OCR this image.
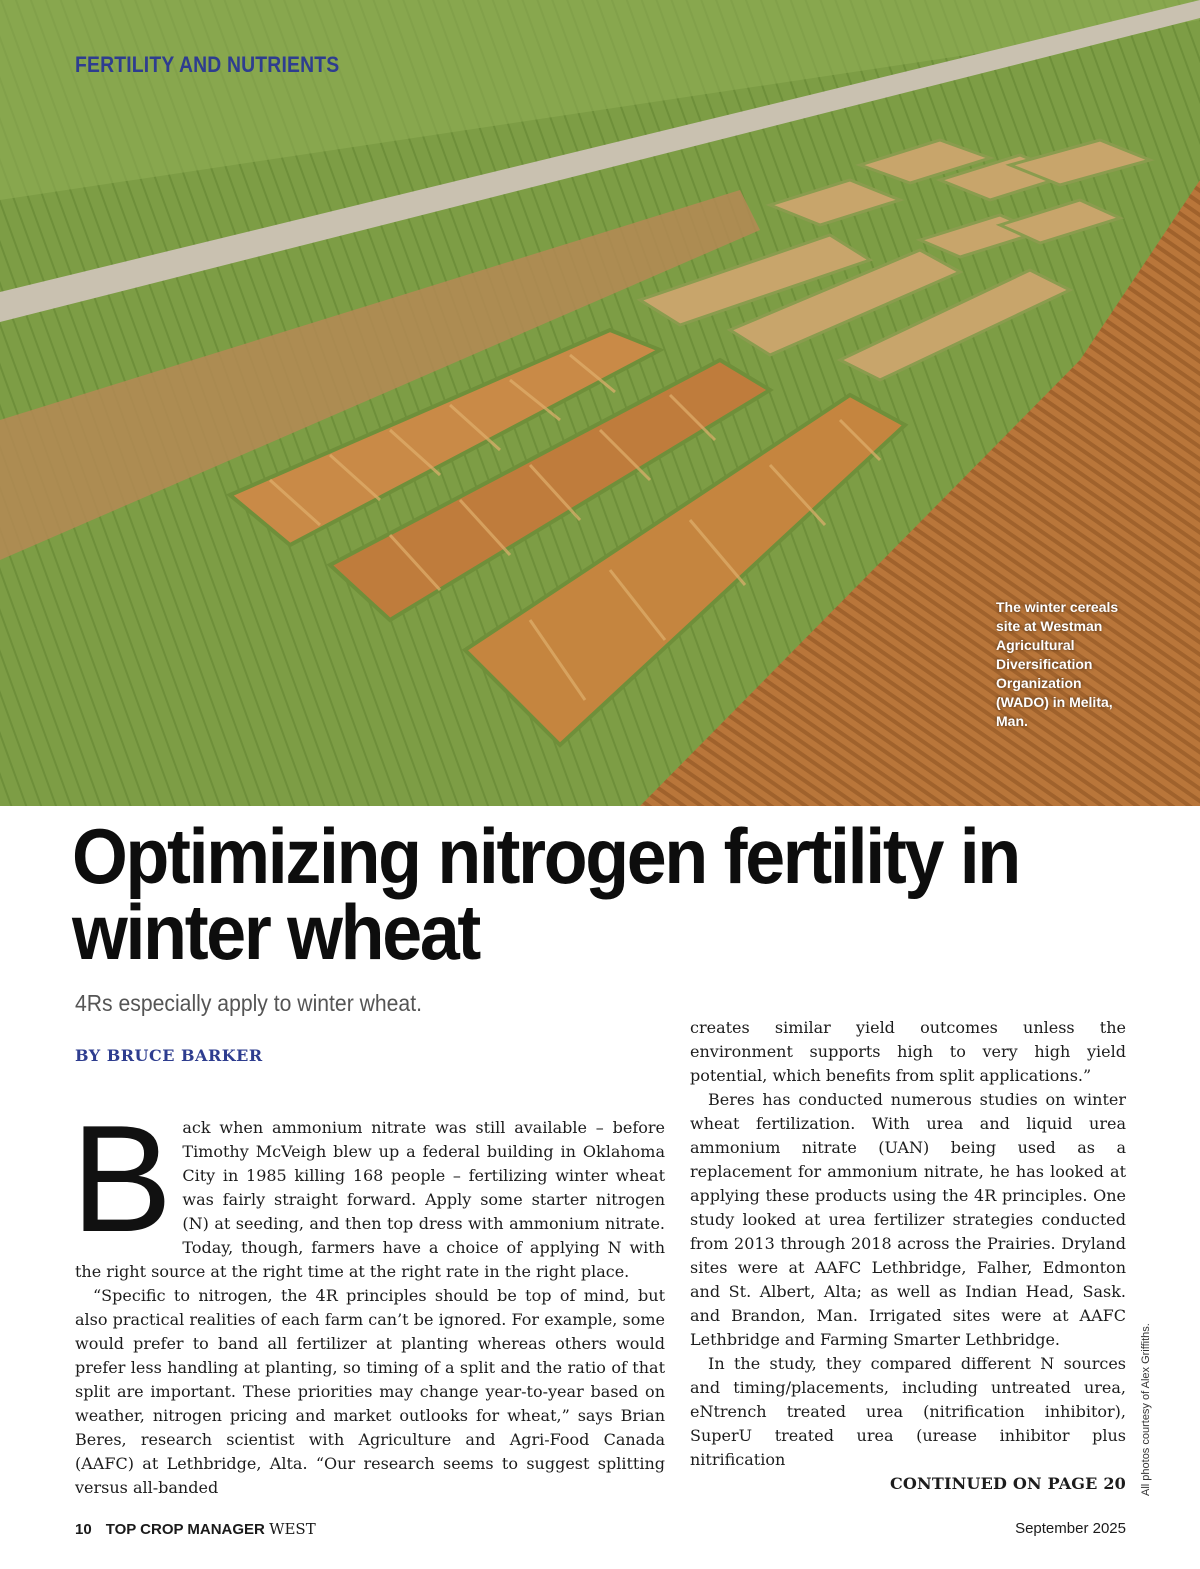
FERTILITY AND NUTRIENTS
The winter cereals site at Westman Agricultural Diversification Organization (WADO) in Melita, Man.
Optimizing nitrogen fertility in winter wheat
4Rs especially apply to winter wheat.
BY BRUCE BARKER

Back when ammonium nitrate was still available – before Timothy McVeigh blew up a federal building in Oklahoma City in 1985 killing 168 people – fertilizing winter wheat was fairly straight forward. Apply some starter nitrogen (N) at seeding, and then top dress with ammonium nitrate. Today, though, farmers have a choice of applying N with the right source at the right time at the right rate in the right place.

“Specific to nitrogen, the 4R principles should be top of mind, but also practical realities of each farm can’t be ignored. For example, some would prefer to band all fertilizer at planting whereas others would prefer less handling at planting, so timing of a split and the ratio of that split are important. These priorities may change year-to-year based on weather, nitrogen pricing and market outlooks for wheat,” says Brian Beres, research scientist with Agriculture and Agri-Food Canada (AAFC) at Lethbridge, Alta. “Our research seems to suggest splitting versus all-banded

creates similar yield outcomes unless the environment supports high to very high yield potential, which benefits from split applications.”

Beres has conducted numerous studies on winter wheat fertilization. With urea and liquid urea ammonium nitrate (UAN) being used as a replacement for ammonium nitrate, he has looked at applying these products using the 4R principles. One study looked at urea fertilizer strategies conducted from 2013 through 2018 across the Prairies. Dryland sites were at AAFC Lethbridge, Falher, Edmonton and St. Albert, Alta; as well as Indian Head, Sask. and Brandon, Man. Irrigated sites were at AAFC Lethbridge and Farming Smarter Lethbridge.

In the study, they compared different N sources and timing/placements, including untreated urea, eNtrench treated urea (nitrification inhibitor), SuperU treated urea (urease inhibitor plus nitrification

CONTINUED ON PAGE 20 All photos courtesy of Alex Griffiths.
10 TOP CROP MANAGER WEST	September 2025
